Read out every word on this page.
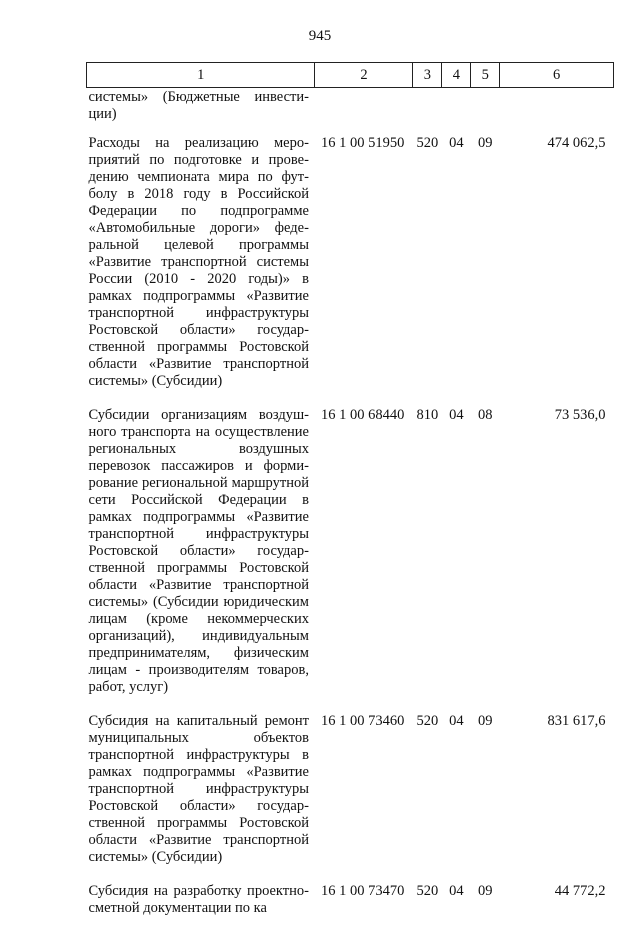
945
1	2	3	4	5	6
системы» (Бюджетные инвестиции)					
Расходы на реализацию мероприятий по подготовке и проведению чемпионата мира по футболу в 2018 году в Российской Федерации по подпрограмме «Автомобильные дороги» федеральной целевой программы «Развитие транспортной системы России (2010 - 2020 годы)» в рамках подпрограммы «Развитие транспортной инфраструктуры Ростовской области» государственной программы Ростовской области «Развитие транспортной системы» (Субсидии)	16 1 00 51950	520	04	09	474 062,5
Субсидии организациям воздушного транспорта на осуществление региональных воздушных перевозок пассажиров и формирование региональной маршрутной сети Российской Федерации в рамках подпрограммы «Развитие транспортной инфраструктуры Ростовской области» государственной программы Ростовской области «Развитие транспортной системы» (Субсидии юридическим лицам (кроме некоммерческих организаций), индивидуальным предпринимателям, физическим лицам - производителям товаров, работ, услуг)	16 1 00 68440	810	04	08	73 536,0
Субсидия на капитальный ремонт муниципальных объектов транспортной инфраструктуры в рамках подпрограммы «Развитие транспортной инфраструктуры Ростовской области» государственной программы Ростовской области «Развитие транспортной системы» (Субсидии)	16 1 00 73460	520	04	09	831 617,6
Субсидия на разработку проектно-сметной документации по ка	16 1 00 73470	520	04	09	44 772,2
